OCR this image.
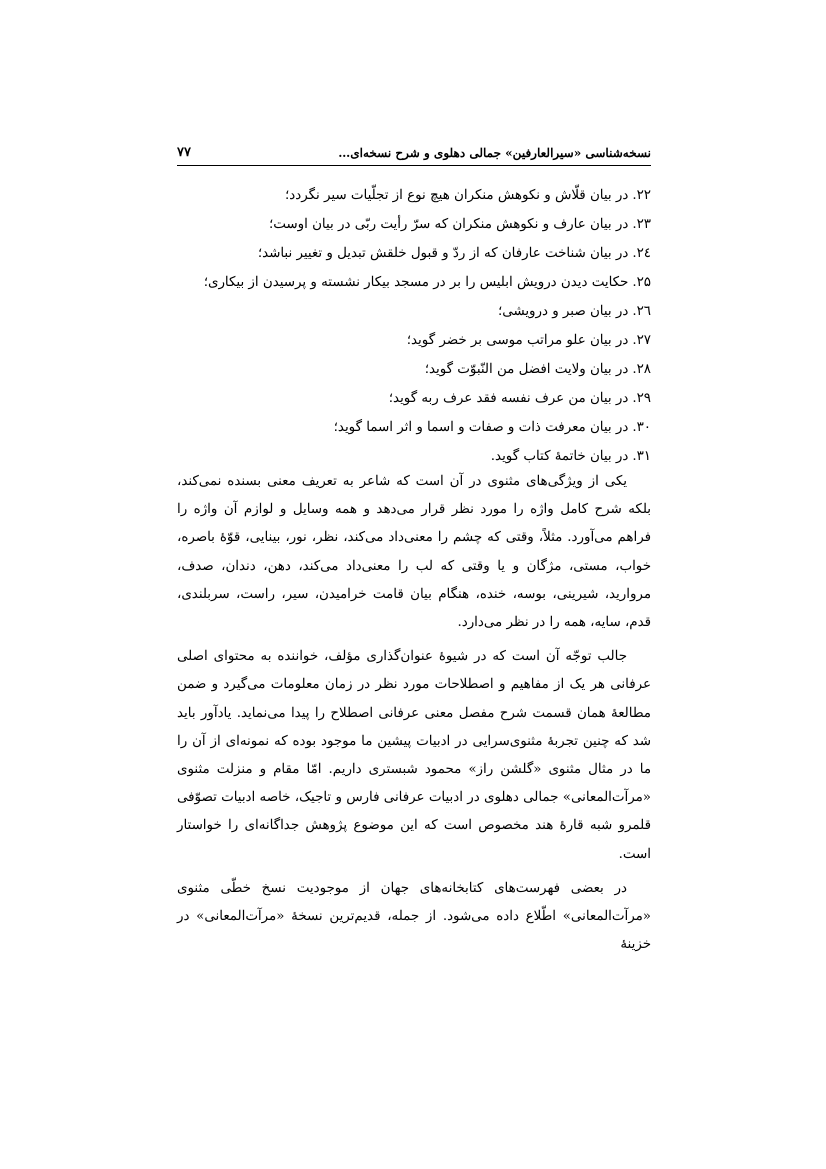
نسخه‌شناسی «سیرالعارفین» جمالی دهلوی و شرح نسخه‌ای…
۷۷
۲۲.در بیان قلّاش و نکوهش منکران هیچ نوع از تجلّیات سیر نگردد؛
۲۳.در بیان عارف و نکوهش منکران که سرّ رأیت ربّی در بیان اوست؛
۲٤.در بیان شناخت عارفان که از ردّ و قبول خلقش تبدیل و تغییر نباشد؛
۲۵.حکایت دیدن درویش ابلیس را بر در مسجد بیکار نشسته و پرسیدن از بیکاری؛
۲٦.در بیان صبر و درویشی؛
۲۷.در بیان علو مراتب موسی بر خضر گوید؛
۲۸.در بیان ولایت افضل من النّبوّت گوید؛
۲۹.در بیان من عرف نفسه فقد عرف ربه گوید؛
۳۰.در بیان معرفت ذات و صفات و اسما و اثر اسما گوید؛
۳۱.در بیان خاتمهٔ کتاب گوید.

یکی از ویژگی‌های مثنوی در آن است که شاعر به تعریف معنی بسنده نمی‌کند، بلکه شرح کامل واژه را مورد نظر قرار می‌دهد و همه وسایل و لوازم آن واژه را فراهم می‌آورد. مثلاً، وقتی که چشم را معنی‌داد می‌کند، نظر، نور، بینایی، قوّهٔ باصره، خواب، مستی، مژگان و یا وقتی که لب را معنی‌داد می‌کند، دهن، دندان، صدف، مروارید، شیرینی، بوسه، خنده، هنگام بیان قامت خرامیدن، سیر، راست، سربلندی، قدم، سایه، همه را در نظر می‌دارد.

جالب توجّه آن است که در شیوهٔ عنوان‌گذاری مؤلف، خواننده به محتوای اصلی عرفانی هر یک از مفاهیم و اصطلاحات مورد نظر در زمان معلومات می‌گیرد و ضمن مطالعهٔ همان قسمت شرح مفصل معنی عرفانی اصطلاح را پیدا می‌نماید. یادآور باید شد که چنین تجربهٔ مثنوی‌سرایی در ادبیات پیشین ما موجود بوده که نمونه‌ای از آن را ما در مثال مثنوی «گلشن راز» محمود شبستری داریم. امّا مقام و منزلت مثنوی «مرآت‌المعانی» جمالی دهلوی در ادبیات عرفانی فارس و تاجیک، خاصه ادبیات تصوّفی قلمرو شبه قارهٔ هند مخصوص است که این موضوع پژوهش جداگانه‌ای را خواستار است.

در بعضی فهرست‌های کتابخانه‌های جهان از موجودیت نسخ خطّی مثنوی «مرآت‌المعانی» اطّلاع داده می‌شود. از جمله، قدیم‌ترین نسخهٔ «مرآت‌المعانی» در خزینهٔ
